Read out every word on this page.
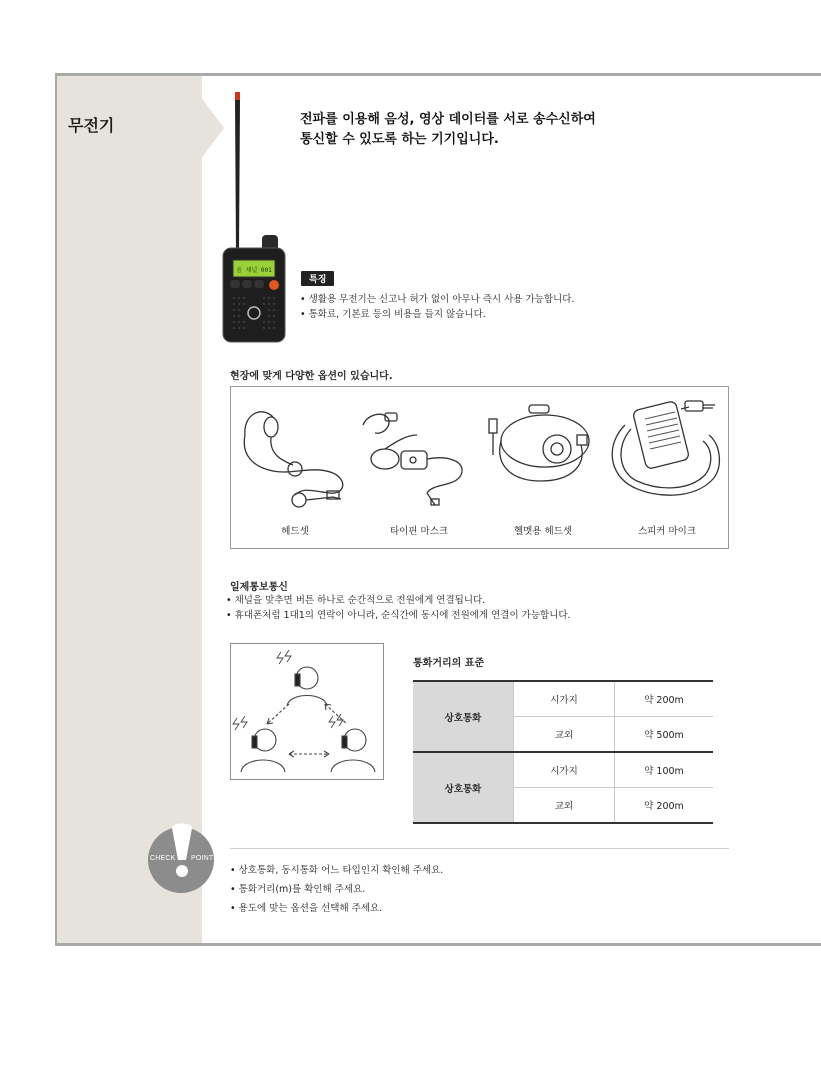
무전기
음 채널 001

전파를 이용해 음성, 영상 데이터를 서로 송수신하여
통신할 수 있도록 하는 기기입니다.

특징
• 생활용 무전기는 신고나 허가 없이 아무나 즉시 사용 가능합니다.
• 통화료, 기본료 등의 비용을 들지 않습니다.
현장에 맞게 다양한 옵션이 있습니다.
헤드셋	타이핀 마스크	헬멧용 헤드셋	스피커 마이크
일제통보통신
• 채널을 맞추면 버튼 하나로 순간적으로 전원에게 연결됩니다.
• 휴대폰처럼 1대1의 연락이 아니라, 순식간에 동시에 전원에게 연결이 가능합니다.
통화거리의 표준
상호통화	시가지	약 200m
	교외	약 500m
상호통화	시가지	약 100m
	교외	약 200m
CHECK POINT
• 상호통화, 동시통화 어느 타입인지 확인해 주세요.
• 통화거리(m)를 확인해 주세요.
• 용도에 맞는 옵션을 선택해 주세요.
